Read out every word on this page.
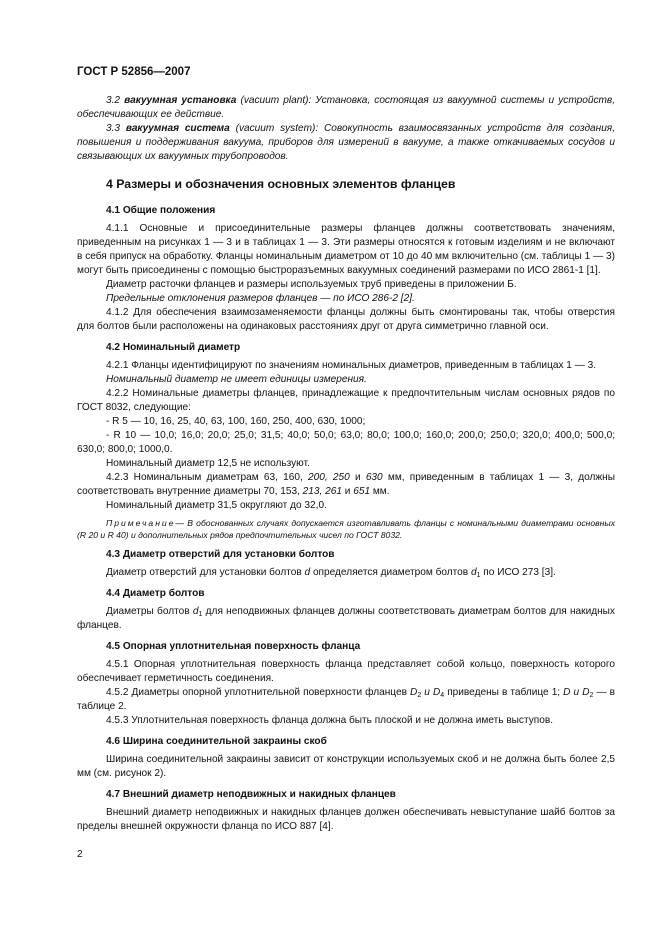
ГОСТ Р 52856—2007

3.2 вакуумная установка (vacuum plant): Установка, состоящая из вакуумной системы и устройств, обеспечивающих ее действие.

3.3 вакуумная система (vacuum system): Совокупность взаимосвязанных устройств для создания, повышения и поддерживания вакуума, приборов для измерений в вакууме, а также откачиваемых сосудов и связывающих их вакуумных трубопроводов.

4 Размеры и обозначения основных элементов фланцев
4.1 Общие положения

4.1.1 Основные и присоединительные размеры фланцев должны соответствовать значениям, приведенным на рисунках 1 — 3 и в таблицах 1 — 3. Эти размеры относятся к готовым изделиям и не включают в себя припуск на обработку. Фланцы номинальным диаметром от 10 до 40 мм включительно (см. таблицы 1 — 3) могут быть присоединены с помощью быстроразъемных вакуумных соединений размерами по ИСО 2861-1 [1].

Диаметр расточки фланцев и размеры используемых труб приведены в приложении Б.

Предельные отклонения размеров фланцев — по ИСО 286-2 [2].

4.1.2 Для обеспечения взаимозаменяемости фланцы должны быть смонтированы так, чтобы отверстия для болтов были расположены на одинаковых расстояниях друг от друга симметрично главной оси.

4.2 Номинальный диаметр

4.2.1 Фланцы идентифицируют по значениям номинальных диаметров, приведенным в таблицах 1 — 3.

Номинальный диаметр не имеет единицы измерения.

4.2.2 Номинальные диаметры фланцев, принадлежащие к предпочтительным числам основных рядов по ГОСТ 8032, следующие:

- R 5 — 10, 16, 25, 40, 63, 100, 160, 250, 400, 630, 1000;

- R 10 — 10,0; 16,0; 20,0; 25,0; 31,5; 40,0; 50,0; 63,0; 80,0; 100,0; 160,0; 200,0; 250,0; 320,0; 400,0; 500,0; 630,0; 800,0; 1000,0.

Номинальный диаметр 12,5 не используют.

4.2.3 Номинальным диаметрам 63, 160, 200, 250 и 630 мм, приведенным в таблицах 1 — 3, должны соответствовать внутренние диаметры 70, 153, 213, 261 и 651 мм.

Номинальный диаметр 31,5 округляют до 32,0.

Примечание— В обоснованных случаях допускается изготавливать фланцы с номинальными диаметрами основных (R 20 и R 40) и дополнительных рядов предпочтительных чисел по ГОСТ 8032.

4.3 Диаметр отверстий для установки болтов

Диаметр отверстий для установки болтов d определяется диаметром болтов $d_1$ по ИСО 273 [3].

4.4 Диаметр болтов

Диаметры болтов $d_1$ для неподвижных фланцев должны соответствовать диаметрам болтов для накидных фланцев.

4.5 Опорная уплотнительная поверхность фланца

4.5.1 Опорная уплотнительная поверхность фланца представляет собой кольцо, поверхность которого обеспечивает герметичность соединения.

4.5.2 Диаметры опорной уплотнительной поверхности фланцев $D_2$ и $D_4$ приведены в таблице 1; D и $D_2$ — в таблице 2.

4.5.3 Уплотнительная поверхность фланца должна быть плоской и не должна иметь выступов.

4.6 Ширина соединительной закраины скоб

Ширина соединительной закраины зависит от конструкции используемых скоб и не должна быть более 2,5 мм (см. рисунок 2).

4.7 Внешний диаметр неподвижных и накидных фланцев

Внешний диаметр неподвижных и накидных фланцев должен обеспечивать невыступание шайб болтов за пределы внешней окружности фланца по ИСО 887 [4].

2
